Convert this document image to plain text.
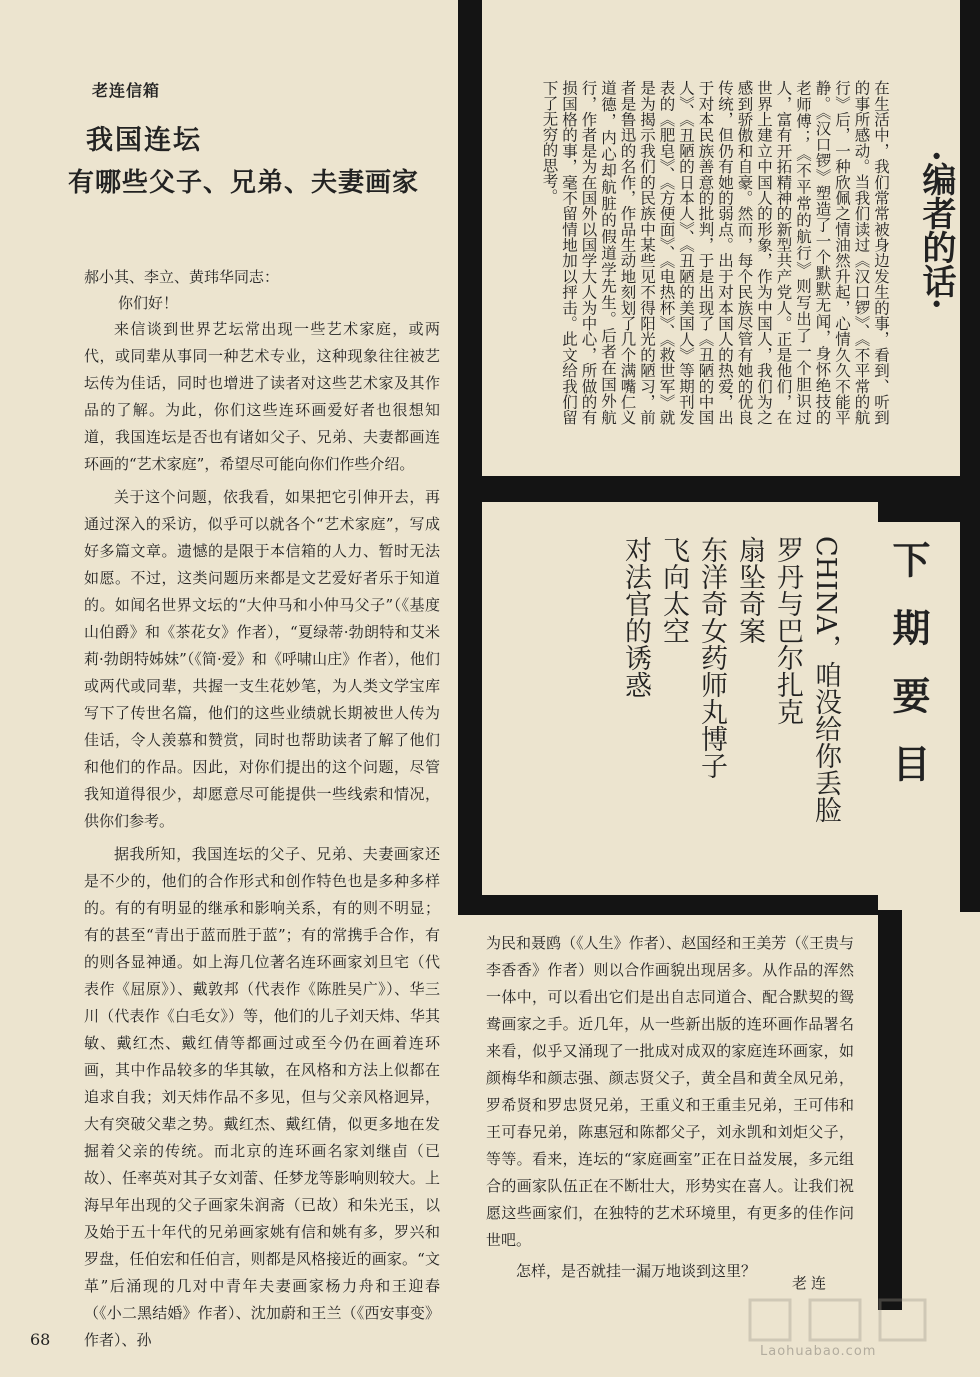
老连信箱
我国连坛
有哪些父子、兄弟、夫妻画家
郝小其、李立、黄玮华同志：
你们好！

来信谈到世界艺坛常出现一些艺术家庭，或两代，或同辈从事同一种艺术专业，这种现象往往被艺坛传为佳话，同时也增进了读者对这些艺术家及其作品的了解。为此，你们这些连环画爱好者也很想知道，我国连坛是否也有诸如父子、兄弟、夫妻都画连环画的“艺术家庭”，希望尽可能向你们作些介绍。

关于这个问题，依我看，如果把它引伸开去，再通过深入的采访，似乎可以就各个“艺术家庭”，写成好多篇文章。遗憾的是限于本信箱的人力、暂时无法如愿。不过，这类问题历来都是文艺爱好者乐于知道的。如闻名世界文坛的“大仲马和小仲马父子”（《基度山伯爵》和《茶花女》作者），“夏绿蒂·勃朗特和艾米莉·勃朗特姊妹”（《简·爱》和《呼啸山庄》作者），他们或两代或同辈，共握一支生花妙笔，为人类文学宝库写下了传世名篇，他们的这些业绩就长期被世人传为佳话，令人羡慕和赞赏，同时也帮助读者了解了他们和他们的作品。因此，对你们提出的这个问题，尽管我知道得很少，却愿意尽可能提供一些线索和情况，供你们参考。

据我所知，我国连坛的父子、兄弟、夫妻画家还是不少的，他们的合作形式和创作特色也是多种多样的。有的有明显的继承和影响关系，有的则不明显；有的甚至“青出于蓝而胜于蓝”；有的常携手合作，有的则各显神通。如上海几位著名连环画家刘旦宅（代表作《屈原》）、戴敦邦（代表作《陈胜吴广》）、华三川（代表作《白毛女》）等，他们的儿子刘天炜、华其敏、戴红杰、戴红倩等都画过或至今仍在画着连环画，其中作品较多的华其敏，在风格和方法上似都在追求自我；刘天炜作品不多见，但与父亲风格迥异，大有突破父辈之势。戴红杰、戴红倩，似更多地在发掘着父亲的传统。而北京的连环画名家刘继卣（已故）、任率英对其子女刘蕾、任梦龙等影响则较大。上海早年出现的父子画家朱润斋（已故）和朱光玉，以及始于五十年代的兄弟画家姚有信和姚有多，罗兴和罗盘，任伯宏和任伯言，则都是风格接近的画家。“文革”后涌现的几对中青年夫妻画家杨力舟和王迎春（《小二黑结婚》作者）、沈加蔚和王兰（《西安事变》作者）、孙

为民和聂鸥（《人生》作者）、赵国经和王美芳（《王贵与李香香》作者）则以合作画貌出现居多。从作品的浑然一体中，可以看出它们是出自志同道合、配合默契的鸳鸯画家之手。近几年，从一些新出版的连环画作品署名来看，似乎又涌现了一批成对成双的家庭连环画家，如颜梅华和颜志强、颜志贤父子，黄全昌和黄全凤兄弟，罗希贤和罗忠贤兄弟，王重义和王重圭兄弟，王可伟和王可春兄弟，陈惠冠和陈都父子，刘永凯和刘炬父子，等等。看来，连坛的“家庭画室”正在日益发展，多元组合的画家队伍正在不断壮大，形势实在喜人。让我们祝愿这些画家们，在独特的艺术环境里，有更多的佳作问世吧。

怎样，是否就挂一漏万地谈到这里？

老连
·编者的话·
在生活中，我们常常被身边发生的事，看到、听到的事所感动。当我们读过《汉口锣》、《不平常的航行》后，一种欣佩之情油然升起，心情久久不能平静。《汉口锣》塑造了一个默默无闻，身怀绝技的老师傅；《不平常的航行》则写出了一个胆识过人，富有开拓精神的新型共产党人。正是他们，在世界上建立中国人的形象，作为中国人，我们为之感到骄傲和自豪。然而，每个民族尽管有她的优良传统，但仍有她的弱点。出于对本国人的热爱，出于对本民族善意的批判，于是出现了《丑陋的中国人》、《丑陋的日本人》、《丑陋的美国人》等期刊发表的《肥皂》、《方便面》、《电热杯》、《救世军》就是为揭示我们的民族中某些见不得阳光的陋习，前者是鲁迅的名作，作品生动地刻划了几个满嘴仁义道德，内心却航脏的假道学先生。后者在国外航行，作者是为在国外以国学大人为中心，所做的有损国格的事，毫不留情地加以抨击。此文给我们留下了无穷的思考。
下期要目
CHINA，咱没给你丢脸
罗丹与巴尔扎克
扇坠奇案
东洋奇女药师丸博子
飞向太空
对法官的诱惑
68
Laohuabao.com
